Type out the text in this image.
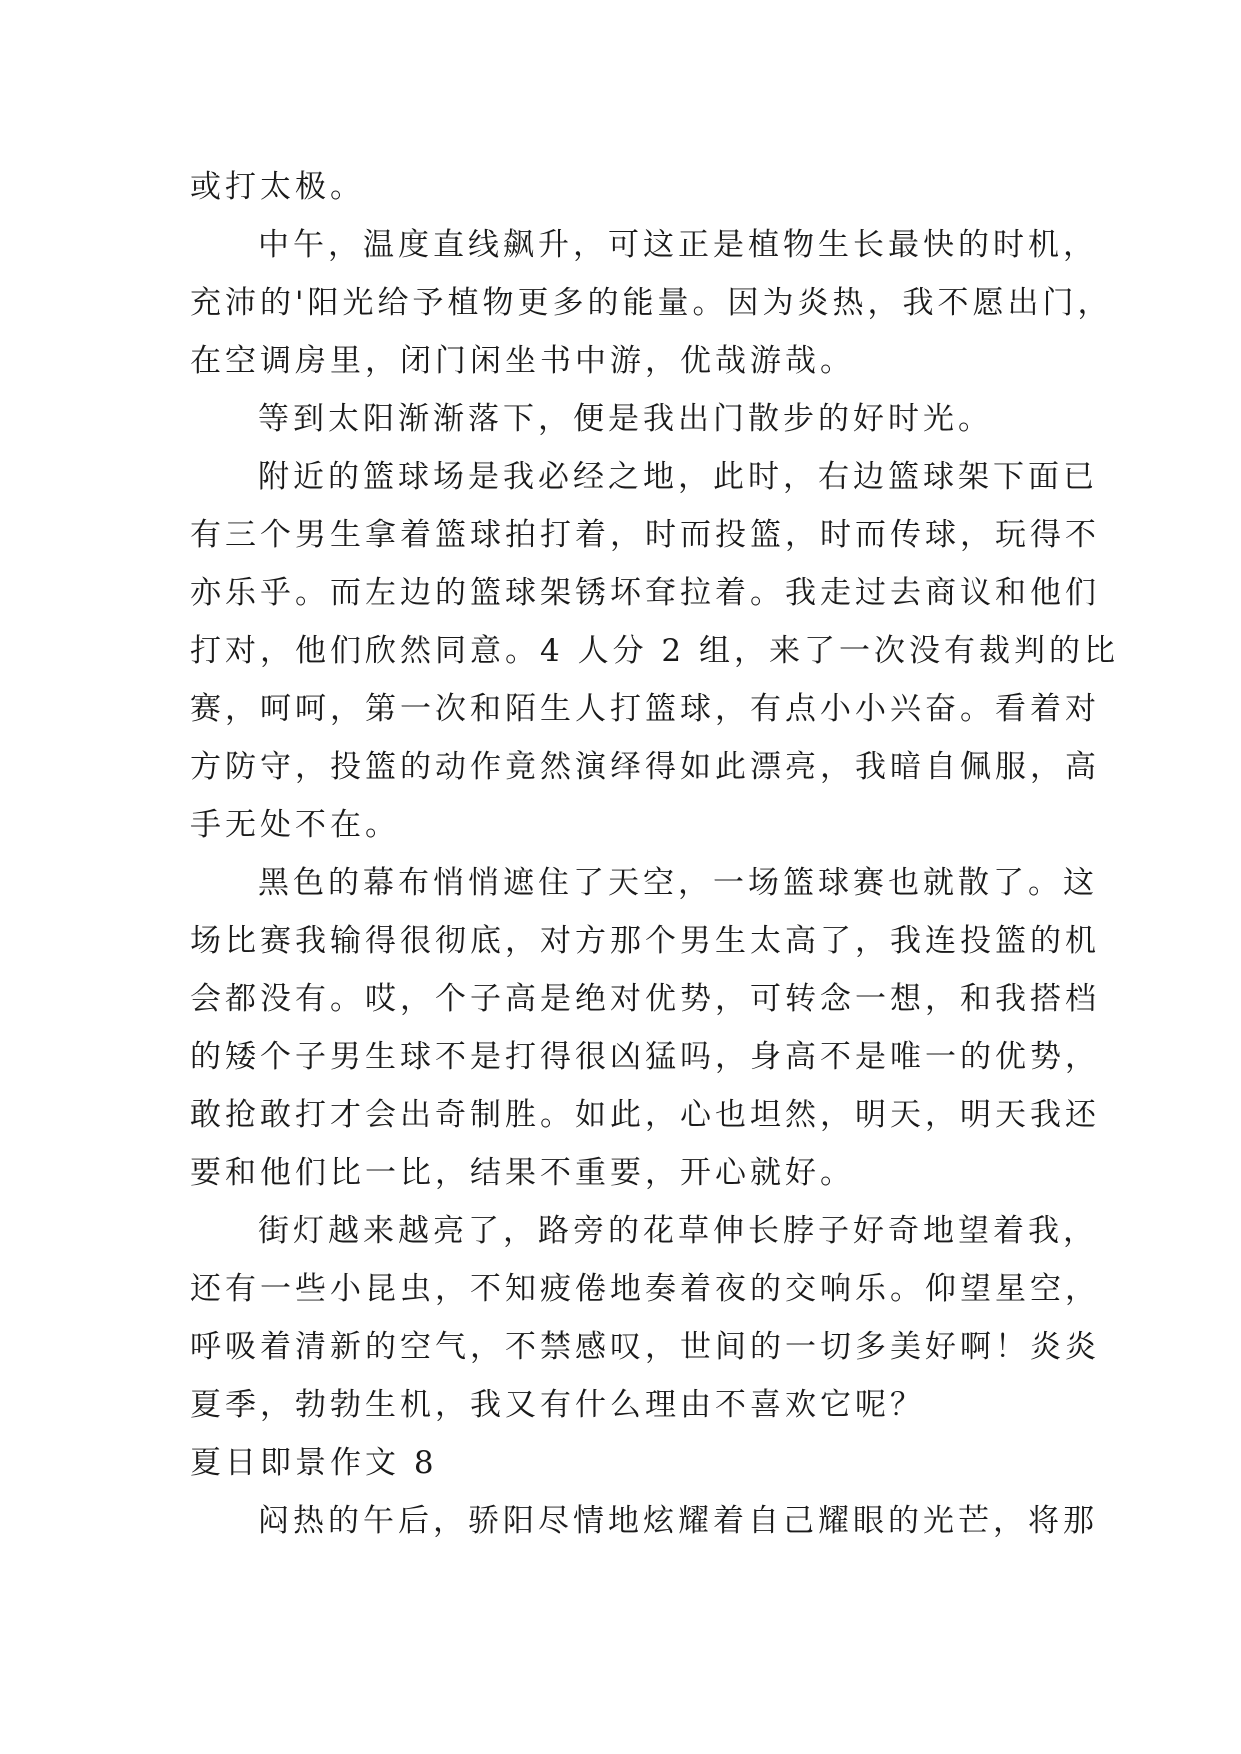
或打太极。
中午，温度直线飙升，可这正是植物生长最快的时机，
充沛的'阳光给予植物更多的能量。因为炎热，我不愿出门，
在空调房里，闭门闲坐书中游，优哉游哉。
等到太阳渐渐落下，便是我出门散步的好时光。
附近的篮球场是我必经之地，此时，右边篮球架下面已
有三个男生拿着篮球拍打着，时而投篮，时而传球，玩得不
亦乐乎。而左边的篮球架锈坏耷拉着。我走过去商议和他们
打对，他们欣然同意。4 人分 2 组，来了一次没有裁判的比
赛，呵呵，第一次和陌生人打篮球，有点小小兴奋。看着对
方防守，投篮的动作竟然演绎得如此漂亮，我暗自佩服，高
手无处不在。
黑色的幕布悄悄遮住了天空，一场篮球赛也就散了。这
场比赛我输得很彻底，对方那个男生太高了，我连投篮的机
会都没有。哎，个子高是绝对优势，可转念一想，和我搭档
的矮个子男生球不是打得很凶猛吗，身高不是唯一的优势，
敢抢敢打才会出奇制胜。如此，心也坦然，明天，明天我还
要和他们比一比，结果不重要，开心就好。
街灯越来越亮了，路旁的花草伸长脖子好奇地望着我，
还有一些小昆虫，不知疲倦地奏着夜的交响乐。仰望星空，
呼吸着清新的空气，不禁感叹，世间的一切多美好啊！炎炎
夏季，勃勃生机，我又有什么理由不喜欢它呢？
夏日即景作文 8
闷热的午后，骄阳尽情地炫耀着自己耀眼的光芒，将那
